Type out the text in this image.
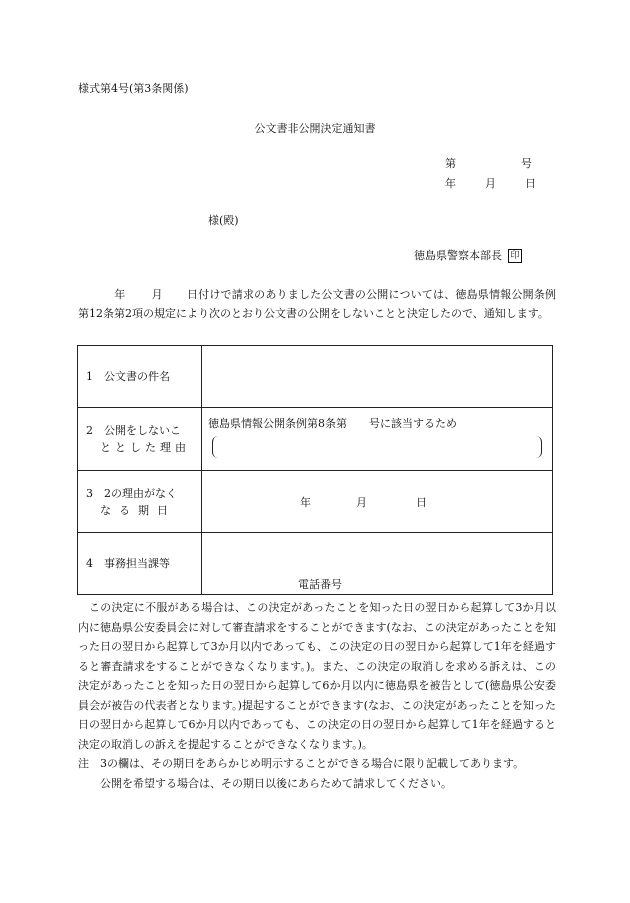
様式第4号(第3条関係)
公文書非公開決定通知書
第	号
年	月	日
様(殿)
徳島県警察本部長 印

年 月 日付けで請求のありました公文書の公開については、徳島県情報公開条例第12条第2項の規定により次のとおり公文書の公開をしないことと決定したので、通知します。

1　公文書の件名	

2　公開をしないこ
ととした理由	徳島県情報公開条例第8条第　　号に該当するため

3　2の理由がなく
なる期日	年 月 日

4　事務担当課等	電話番号

この決定に不服がある場合は、この決定があったことを知った日の翌日から起算して3か月以内に徳島県公安委員会に対して審査請求をすることができます(なお、この決定があったことを知った日の翌日から起算して3か月以内であっても、この決定の日の翌日から起算して1年を経過すると審査請求をすることができなくなります。)。また、この決定の取消しを求める訴えは、この決定があったことを知った日の翌日から起算して6か月以内に徳島県を被告として(徳島県公安委員会が被告の代表者となります。)提起することができます(なお、この決定があったことを知った日の翌日から起算して6か月以内であっても、この決定の日の翌日から起算して1年を経過すると決定の取消しの訴えを提起することができなくなります。)。

注　3の欄は、その期日をあらかじめ明示することができる場合に限り記載してあります。

公開を希望する場合は、その期日以後にあらためて請求してください。
